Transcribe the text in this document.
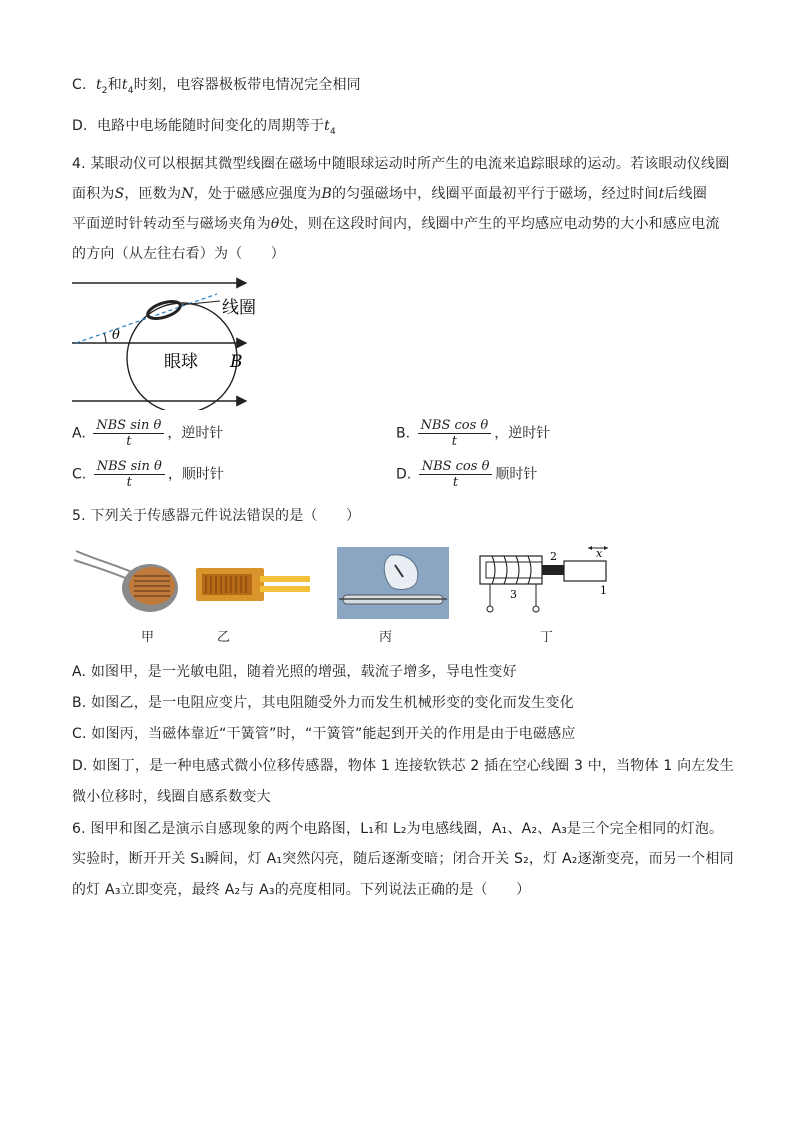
C. $t_2$和$t_4$时刻，电容器极板带电情况完全相同
D. 电路中电场能随时间变化的周期等于$t_4$
4. 某眼动仪可以根据其微型线圈在磁场中随眼球运动时所产生的电流来追踪眼球的运动。若该眼动仪线圈
面积为S，匝数为N，处于磁感应强度为B的匀强磁场中，线圈平面最初平行于磁场，经过时间t后线圈
平面逆时针转动至与磁场夹角为θ处，则在这段时间内，线圈中产生的平均感应电动势的大小和感应电流
的方向（从左往右看）为（　　）
θ
线圈
眼球 B
A. $\frac{\text{NBS sin θ}}{t}$ ，逆时针	B. $\frac{\text{NBS cos θ}}{t}$ ，逆时针
C. $\frac{\text{NBS sin θ}}{t}$ ，顺时针	D. $\frac{\text{NBS cos θ}}{t}$ 顺时针
5. 下列关于传感器元件说法错误的是（　　）
甲	乙	丙
2	x
3	1
丁
A. 如图甲，是一光敏电阻，随着光照的增强，载流子增多，导电性变好
B. 如图乙，是一电阻应变片，其电阻随受外力而发生机械形变的变化而发生变化
C. 如图丙，当磁体靠近“干簧管”时，“干簧管”能起到开关的作用是由于电磁感应
D. 如图丁，是一种电感式微小位移传感器，物体 1 连接软铁芯 2 插在空心线圈 3 中，当物体 1 向左发生
微小位移时，线圈自感系数变大
6. 图甲和图乙是演示自感现象的两个电路图，L₁和 L₂为电感线圈，A₁、A₂、A₃是三个完全相同的灯泡。
实验时，断开开关 S₁瞬间，灯 A₁突然闪亮，随后逐渐变暗；闭合开关 S₂，灯 A₂逐渐变亮，而另一个相同
的灯 A₃立即变亮，最终 A₂与 A₃的亮度相同。下列说法正确的是（　　）
